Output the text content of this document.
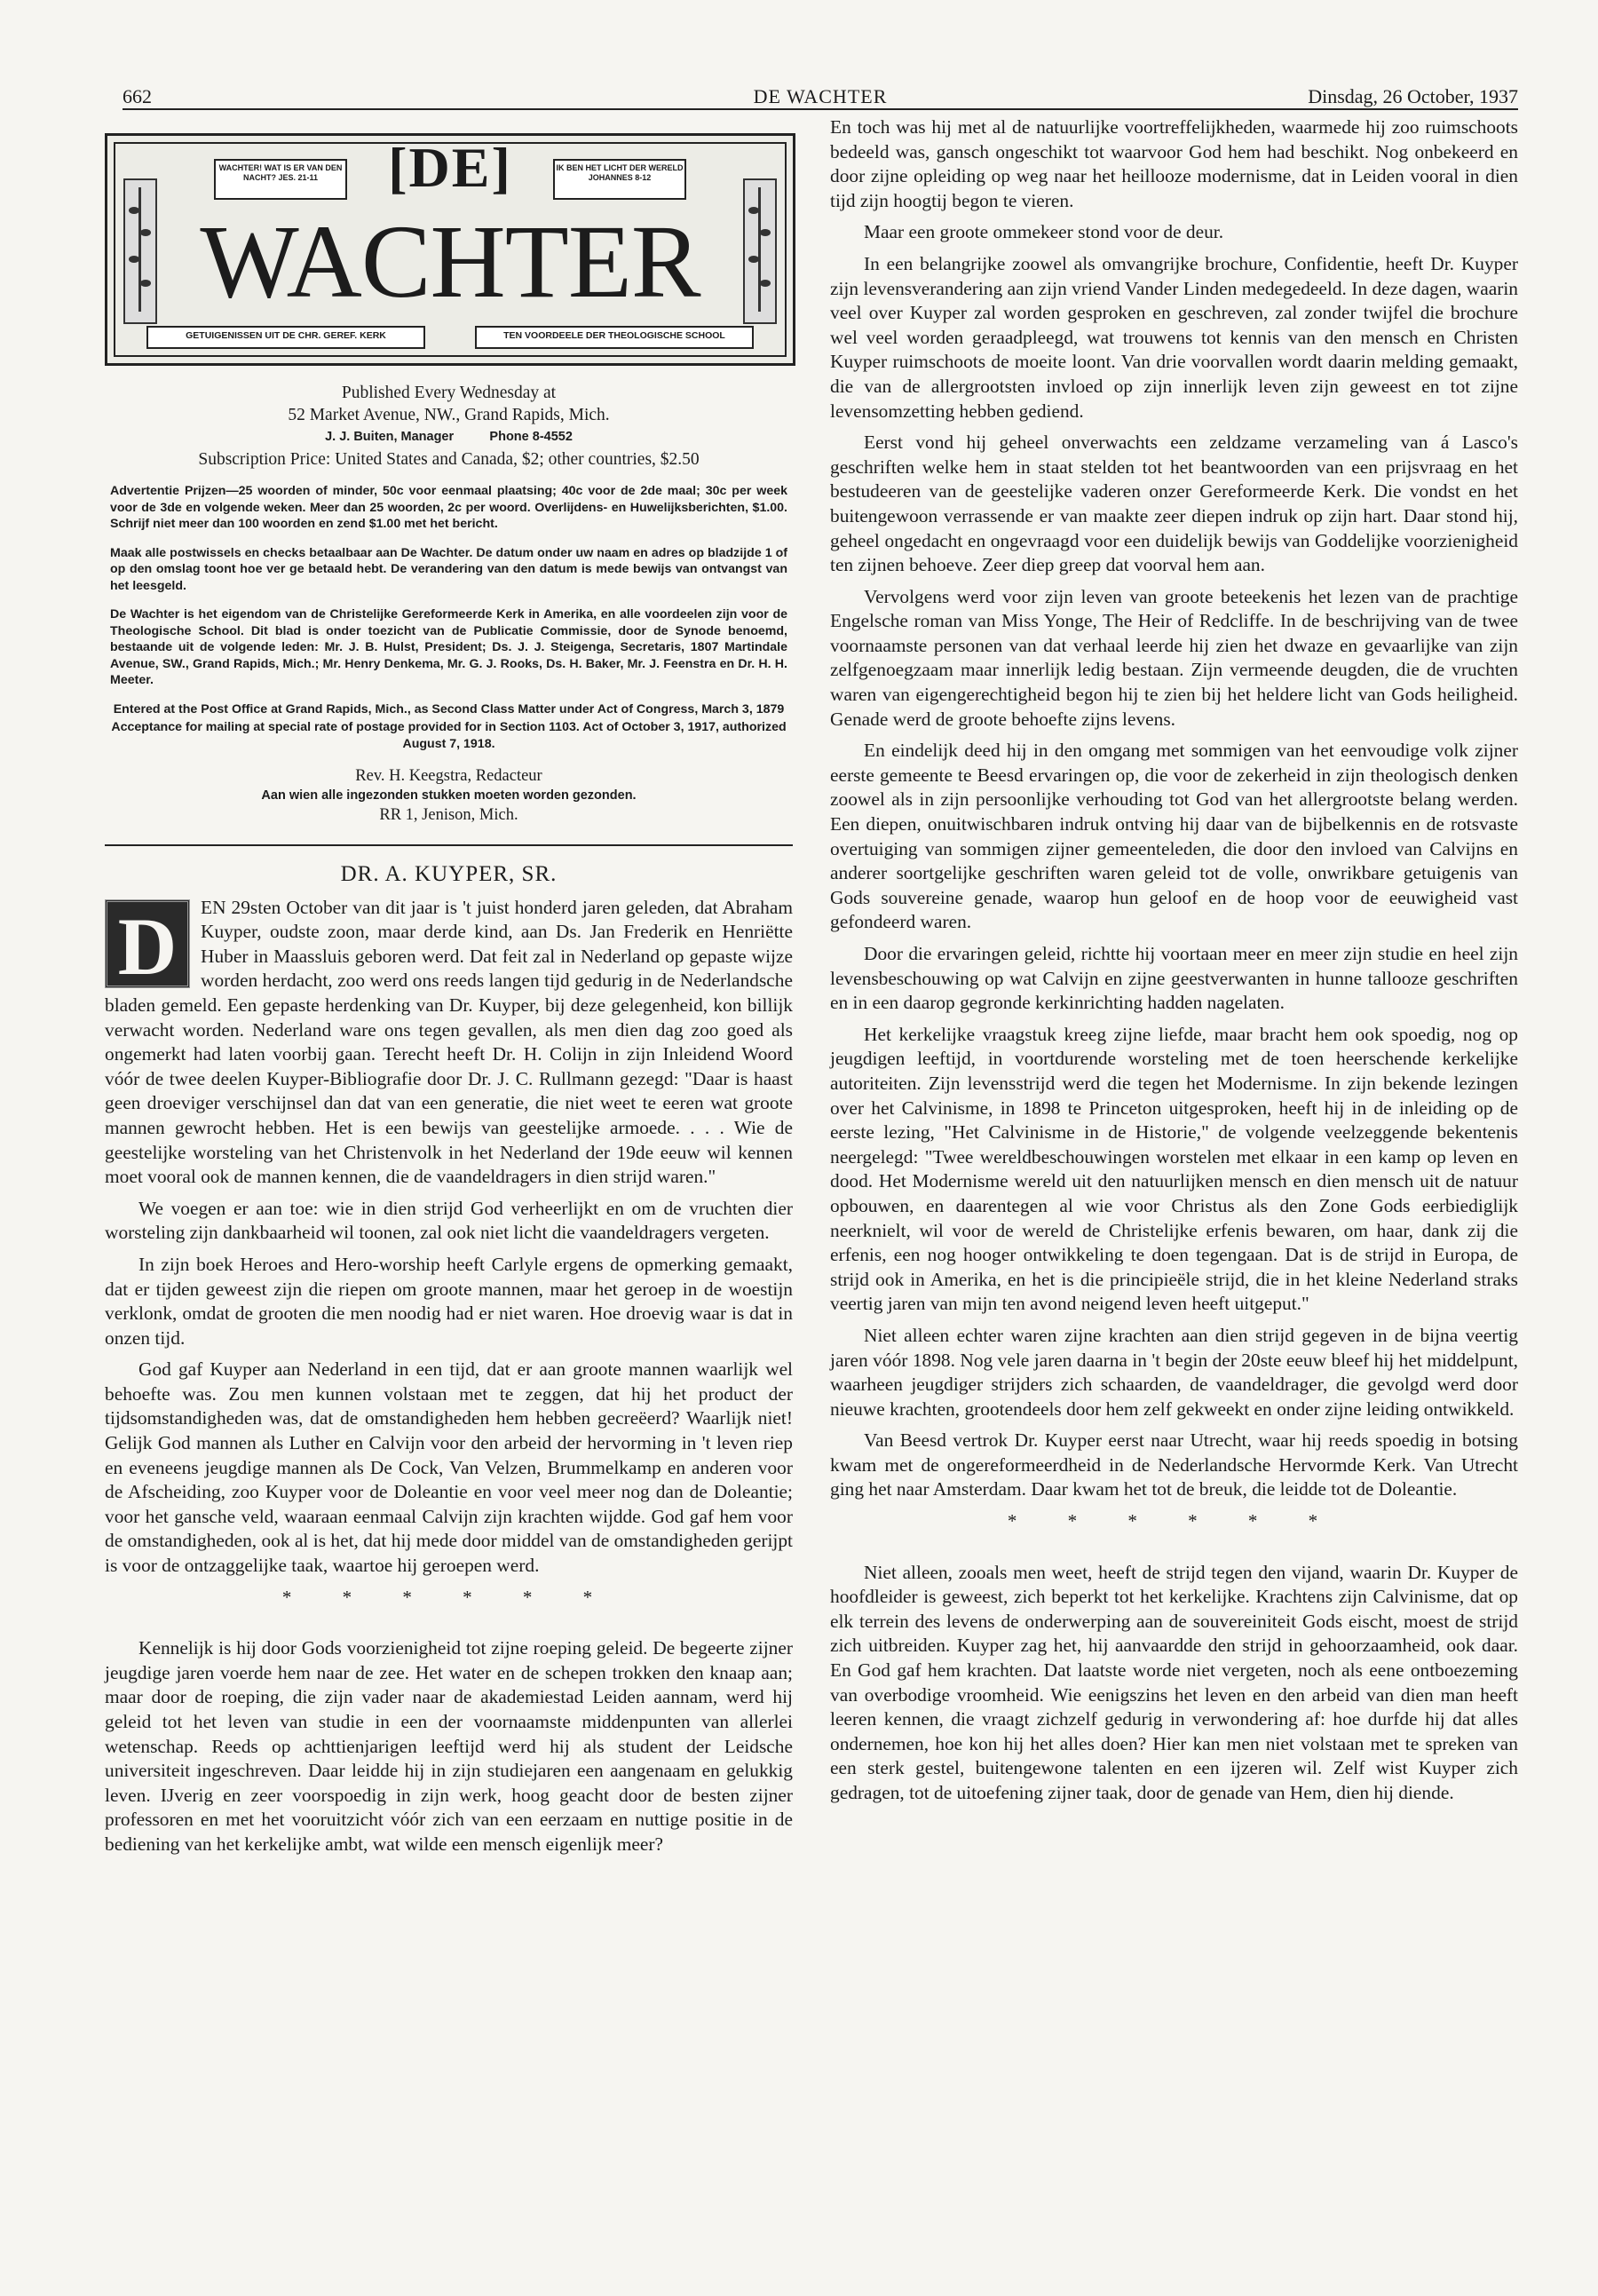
662	DE WACHTER	Dinsdag, 26 October, 1937
WACHTER! WAT IS ER VAN DEN NACHT? JES. 21-11
IK BEN HET LICHT DER WERELD JOHANNES 8-12
[DE]
WACHTER
GETUIGENISSEN UIT DE CHR. GEREF. KERK	TEN VOORDEELE DER THEOLOGISCHE SCHOOL
Published Every Wednesday at
52 Market Avenue, NW., Grand Rapids, Mich.
J. J. Buiten, Manager          Phone 8-4552
Subscription Price: United States and Canada, $2; other countries, $2.50
Advertentie Prijzen—25 woorden of minder, 50c voor eenmaal plaatsing; 40c voor de 2de maal; 30c per week voor de 3de en volgende weken. Meer dan 25 woorden, 2c per woord. Overlijdens- en Huwelijksberichten, $1.00. Schrijf niet meer dan 100 woorden en zend $1.00 met het bericht.
Maak alle postwissels en checks betaalbaar aan De Wachter. De datum onder uw naam en adres op bladzijde 1 of op den omslag toont hoe ver ge betaald hebt. De verandering van den datum is mede bewijs van ontvangst van het leesgeld.
De Wachter is het eigendom van de Christelijke Gereformeerde Kerk in Amerika, en alle voordeelen zijn voor de Theologische School. Dit blad is onder toezicht van de Publicatie Commissie, door de Synode benoemd, bestaande uit de volgende leden: Mr. J. B. Hulst, President; Ds. J. J. Steigenga, Secretaris, 1807 Martindale Avenue, SW., Grand Rapids, Mich.; Mr. Henry Denkema, Mr. G. J. Rooks, Ds. H. Baker, Mr. J. Feenstra en Dr. H. H. Meeter.
Entered at the Post Office at Grand Rapids, Mich., as Second Class Matter under Act of Congress, March 3, 1879
Acceptance for mailing at special rate of postage provided for in Section 1103. Act of October 3, 1917, authorized August 7, 1918.
Rev. H. Keegstra, Redacteur
Aan wien alle ingezonden stukken moeten worden gezonden.
RR 1, Jenison, Mich.
DR. A. KUYPER, SR.

D	EN 29sten October van dit jaar is 't juist honderd jaren geleden, dat Abraham Kuyper, oudste zoon, maar derde kind, aan Ds. Jan Frederik en Henriëtte Huber in Maassluis geboren werd. Dat feit zal in Nederland op gepaste wijze worden herdacht, zoo werd ons reeds langen tijd gedurig in de Nederlandsche bladen gemeld. Een gepaste herdenking van Dr. Kuyper, bij deze gelegenheid, kon billijk verwacht worden. Nederland ware ons tegen gevallen, als men dien dag zoo goed als ongemerkt had laten voorbij gaan. Terecht heeft Dr. H. Colijn in zijn Inleidend Woord vóór de twee deelen Kuyper-Bibliografie door Dr. J. C. Rullmann gezegd: "Daar is haast geen droeviger verschijnsel dan dat van een generatie, die niet weet te eeren wat groote mannen gewrocht hebben. Het is een bewijs van geestelijke armoede. . . . Wie de geestelijke worsteling van het Christenvolk in het Nederland der 19de eeuw wil kennen moet vooral ook de mannen kennen, die de vaandeldragers in dien strijd waren."

We voegen er aan toe: wie in dien strijd God verheerlijkt en om de vruchten dier worsteling zijn dankbaarheid wil toonen, zal ook niet licht die vaandeldragers vergeten.

In zijn boek Heroes and Hero-worship heeft Carlyle ergens de opmerking gemaakt, dat er tijden geweest zijn die riepen om groote mannen, maar het geroep in de woestijn verklonk, omdat de grooten die men noodig had er niet waren. Hoe droevig waar is dat in onzen tijd.

God gaf Kuyper aan Nederland in een tijd, dat er aan groote mannen waarlijk wel behoefte was. Zou men kunnen volstaan met te zeggen, dat hij het product der tijdsomstandigheden was, dat de omstandigheden hem hebben gecreëerd? Waarlijk niet! Gelijk God mannen als Luther en Calvijn voor den arbeid der hervorming in 't leven riep en eveneens jeugdige mannen als De Cock, Van Velzen, Brummelkamp en anderen voor de Afscheiding, zoo Kuyper voor de Doleantie en voor veel meer nog dan de Doleantie; voor het gansche veld, waaraan eenmaal Calvijn zijn krachten wijdde. God gaf hem voor de omstandigheden, ook al is het, dat hij mede door middel van de omstandigheden gerijpt is voor de ontzaggelijke taak, waartoe hij geroepen werd.

* * * * * *

Kennelijk is hij door Gods voorzienigheid tot zijne roeping geleid. De begeerte zijner jeugdige jaren voerde hem naar de zee. Het water en de schepen trokken den knaap aan; maar door de roeping, die zijn vader naar de akademiestad Leiden aannam, werd hij geleid tot het leven van studie in een der voornaamste middenpunten van allerlei wetenschap. Reeds op achttienjarigen leeftijd werd hij als student der Leidsche universiteit ingeschreven. Daar leidde hij in zijn studiejaren een aangenaam en gelukkig leven. IJverig en zeer voorspoedig in zijn werk, hoog geacht door de besten zijner professoren en met het vooruitzicht vóór zich van een eerzaam en nuttige positie in de bediening van het kerkelijke ambt, wat wilde een mensch eigenlijk meer?

En toch was hij met al de natuurlijke voortreffelijkheden, waarmede hij zoo ruimschoots bedeeld was, gansch ongeschikt tot waarvoor God hem had beschikt. Nog onbekeerd en door zijne opleiding op weg naar het heillooze modernisme, dat in Leiden vooral in dien tijd zijn hoogtij begon te vieren.

Maar een groote ommekeer stond voor de deur.

In een belangrijke zoowel als omvangrijke brochure, Confidentie, heeft Dr. Kuyper zijn levensverandering aan zijn vriend Vander Linden medegedeeld. In deze dagen, waarin veel over Kuyper zal worden gesproken en geschreven, zal zonder twijfel die brochure wel veel worden geraadpleegd, wat trouwens tot kennis van den mensch en Christen Kuyper ruimschoots de moeite loont. Van drie voorvallen wordt daarin melding gemaakt, die van de allergrootsten invloed op zijn innerlijk leven zijn geweest en tot zijne levensomzetting hebben gediend.

Eerst vond hij geheel onverwachts een zeldzame verzameling van á Lasco's geschriften welke hem in staat stelden tot het beantwoorden van een prijsvraag en het bestudeeren van de geestelijke vaderen onzer Gereformeerde Kerk. Die vondst en het buitengewoon verrassende er van maakte zeer diepen indruk op zijn hart. Daar stond hij, geheel ongedacht en ongevraagd voor een duidelijk bewijs van Goddelijke voorzienigheid ten zijnen behoeve. Zeer diep greep dat voorval hem aan.

Vervolgens werd voor zijn leven van groote beteekenis het lezen van de prachtige Engelsche roman van Miss Yonge, The Heir of Redcliffe. In de beschrijving van de twee voornaamste personen van dat verhaal leerde hij zien het dwaze en gevaarlijke van zijn zelfgenoegzaam maar innerlijk ledig bestaan. Zijn vermeende deugden, die de vruchten waren van eigengerechtigheid begon hij te zien bij het heldere licht van Gods heiligheid. Genade werd de groote behoefte zijns levens.

En eindelijk deed hij in den omgang met sommigen van het eenvoudige volk zijner eerste gemeente te Beesd ervaringen op, die voor de zekerheid in zijn theologisch denken zoowel als in zijn persoonlijke verhouding tot God van het allergrootste belang werden. Een diepen, onuitwischbaren indruk ontving hij daar van de bijbelkennis en de rotsvaste overtuiging van sommigen zijner gemeenteleden, die door den invloed van Calvijns en anderer soortgelijke geschriften waren geleid tot de volle, onwrikbare getuigenis van Gods souvereine genade, waarop hun geloof en de hoop voor de eeuwigheid vast gefondeerd waren.

Door die ervaringen geleid, richtte hij voortaan meer en meer zijn studie en heel zijn levensbeschouwing op wat Calvijn en zijne geestverwanten in hunne tallooze geschriften en in een daarop gegronde kerkinrichting hadden nagelaten.

Het kerkelijke vraagstuk kreeg zijne liefde, maar bracht hem ook spoedig, nog op jeugdigen leeftijd, in voortdurende worsteling met de toen heerschende kerkelijke autoriteiten. Zijn levensstrijd werd die tegen het Modernisme. In zijn bekende lezingen over het Calvinisme, in 1898 te Princeton uitgesproken, heeft hij in de inleiding op de eerste lezing, "Het Calvinisme in de Historie," de volgende veelzeggende bekentenis neergelegd: "Twee wereldbeschouwingen worstelen met elkaar in een kamp op leven en dood. Het Modernisme wereld uit den natuurlijken mensch en dien mensch uit de natuur opbouwen, en daarentegen al wie voor Christus als den Zone Gods eerbiediglijk neerknielt, wil voor de wereld de Christelijke erfenis bewaren, om haar, dank zij die erfenis, een nog hooger ontwikkeling te doen tegengaan. Dat is de strijd in Europa, de strijd ook in Amerika, en het is die principieële strijd, die in het kleine Nederland straks veertig jaren van mijn ten avond neigend leven heeft uitgeput."

Niet alleen echter waren zijne krachten aan dien strijd gegeven in de bijna veertig jaren vóór 1898. Nog vele jaren daarna in 't begin der 20ste eeuw bleef hij het middelpunt, waarheen jeugdiger strijders zich schaarden, de vaandeldrager, die gevolgd werd door nieuwe krachten, grootendeels door hem zelf gekweekt en onder zijne leiding ontwikkeld.

Van Beesd vertrok Dr. Kuyper eerst naar Utrecht, waar hij reeds spoedig in botsing kwam met de ongereformeerdheid in de Nederlandsche Hervormde Kerk. Van Utrecht ging het naar Amsterdam. Daar kwam het tot de breuk, die leidde tot de Doleantie.

* * * * * *

Niet alleen, zooals men weet, heeft de strijd tegen den vijand, waarin Dr. Kuyper de hoofdleider is geweest, zich beperkt tot het kerkelijke. Krachtens zijn Calvinisme, dat op elk terrein des levens de onderwerping aan de souvereiniteit Gods eischt, moest de strijd zich uitbreiden. Kuyper zag het, hij aanvaardde den strijd in gehoorzaamheid, ook daar. En God gaf hem krachten. Dat laatste worde niet vergeten, noch als eene ontboezeming van overbodige vroomheid. Wie eenigszins het leven en den arbeid van dien man heeft leeren kennen, die vraagt zichzelf gedurig in verwondering af: hoe durfde hij dat alles ondernemen, hoe kon hij het alles doen? Hier kan men niet volstaan met te spreken van een sterk gestel, buitengewone talenten en een ijzeren wil. Zelf wist Kuyper zich gedragen, tot de uitoefening zijner taak, door de genade van Hem, dien hij diende.
